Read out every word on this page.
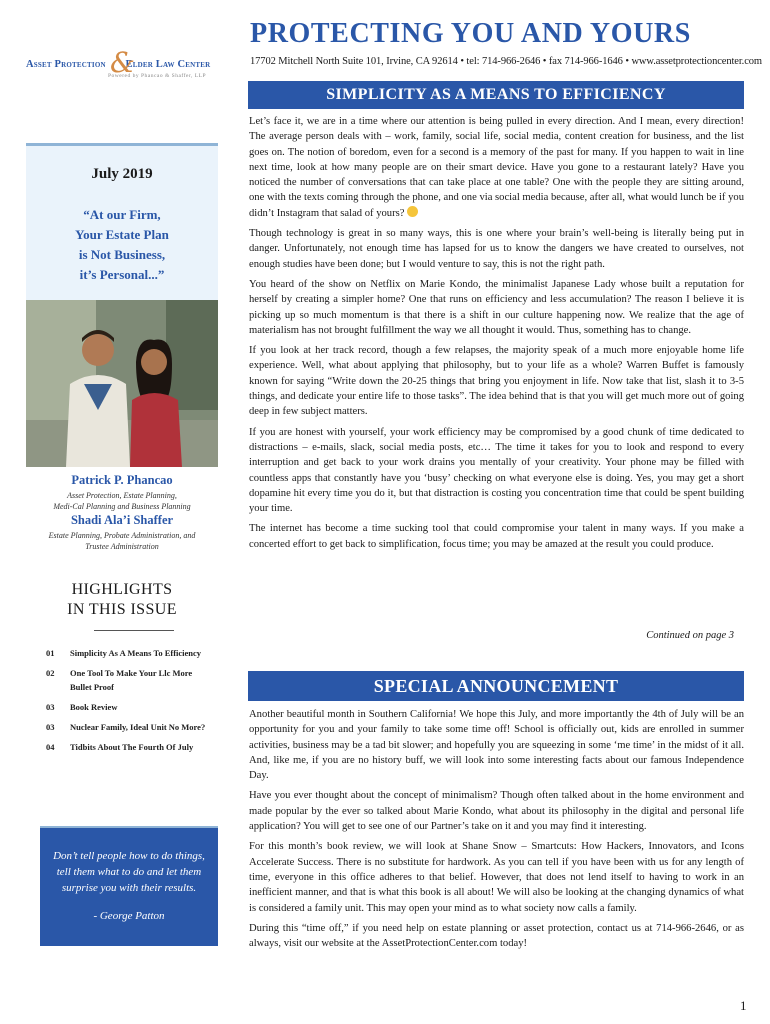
Asset Protection Elder Law Center
&
Powered by Phancao & Shaffer, LLP
PROTECTING YOU AND YOURS
17702 Mitchell North Suite 101, Irvine, CA 92614 • tel: 714-966-2646 • fax 714-966-1646 • www.assetprotectioncenter.com
SIMPLICITY AS A MEANS TO EFFICIENCY
July 2019
“At our Firm,
Your Estate Plan
is Not Business,
it’s Personal...”
Patrick P. Phancao
Asset Protection, Estate Planning,
Medi-Cal Planning and Business Planning
Shadi Ala’i Shaffer
Estate Planning, Probate Administration, and
Trustee Administration
HIGHLIGHTS
IN THIS ISSUE
01	Simplicity As A Means To Efficiency
02	One Tool To Make Your Llc More Bullet Proof
03	Book Review
03	Nuclear Family, Ideal Unit No More?
04	Tidbits About The Fourth Of July
Don’t tell people how to do things, tell them what to do and let them surprise you with their results.
- George Patton

Let’s face it, we are in a time where our attention is being pulled in every direction. And I mean, every direction! The average person deals with – work, family, social life, social media, content creation for business, and the list goes on. The notion of boredom, even for a second is a memory of the past for many. If you happen to wait in line next time, look at how many people are on their smart device. Have you gone to a restaurant lately? Have you noticed the number of conversations that can take place at one table? One with the people they are sitting around, one with the texts coming through the phone, and one via social media because, after all, what would lunch be if you didn’t Instagram that salad of yours?

Though technology is great in so many ways, this is one where your brain’s well-being is literally being put in danger. Unfortunately, not enough time has lapsed for us to know the dangers we have created to ourselves, not enough studies have been done; but I would venture to say, this is not the right path.

You heard of the show on Netflix on Marie Kondo, the minimalist Japanese Lady whose built a reputation for herself by creating a simpler home? One that runs on efficiency and less accumulation? The reason I believe it is picking up so much momentum is that there is a shift in our culture happening now. We realize that the age of materialism has not brought fulfillment the way we all thought it would. Thus, something has to change.

If you look at her track record, though a few relapses, the majority speak of a much more enjoyable home life experience. Well, what about applying that philosophy, but to your life as a whole? Warren Buffet is famously known for saying “Write down the 20-25 things that bring you enjoyment in life. Now take that list, slash it to 3-5 things, and dedicate your entire life to those tasks”. The idea behind that is that you will get much more out of going deep in few subject matters.

If you are honest with yourself, your work efficiency may be compromised by a good chunk of time dedicated to distractions – e-mails, slack, social media posts, etc… The time it takes for you to look and respond to every interruption and get back to your work drains you mentally of your creativity. Your phone may be filled with countless apps that constantly have you ‘busy’ checking on what everyone else is doing. Yes, you may get a short dopamine hit every time you do it, but that distraction is costing you concentration time that could be spent building your time.

The internet has become a time sucking tool that could compromise your talent in many ways. If you make a concerted effort to get back to simplification, focus time; you may be amazed at the result you could produce.

Continued on page 3
SPECIAL ANNOUNCEMENT

Another beautiful month in Southern California! We hope this July, and more importantly the 4th of July will be an opportunity for you and your family to take some time off! School is officially out, kids are enrolled in summer activities, business may be a tad bit slower; and hopefully you are squeezing in some ‘me time’ in the midst of it all. And, like me, if you are no history buff, we will look into some interesting facts about our famous Independence Day.

Have you ever thought about the concept of minimalism? Though often talked about in the home environment and made popular by the ever so talked about Marie Kondo, what about its philosophy in the digital and personal life application? You will get to see one of our Partner’s take on it and you may find it interesting.

For this month’s book review, we will look at Shane Snow – Smartcuts: How Hackers, Innovators, and Icons Accelerate Success. There is no substitute for hardwork. As you can tell if you have been with us for any length of time, everyone in this office adheres to that belief. However, that does not lend itself to having to work in an inefficient manner, and that is what this book is all about! We will also be looking at the changing dynamics of what is considered a family unit. This may open your mind as to what society now calls a family.

During this “time off,” if you need help on estate planning or asset protection, contact us at 714-966-2646, or as always, visit our website at the AssetProtectionCenter.com today!

1
